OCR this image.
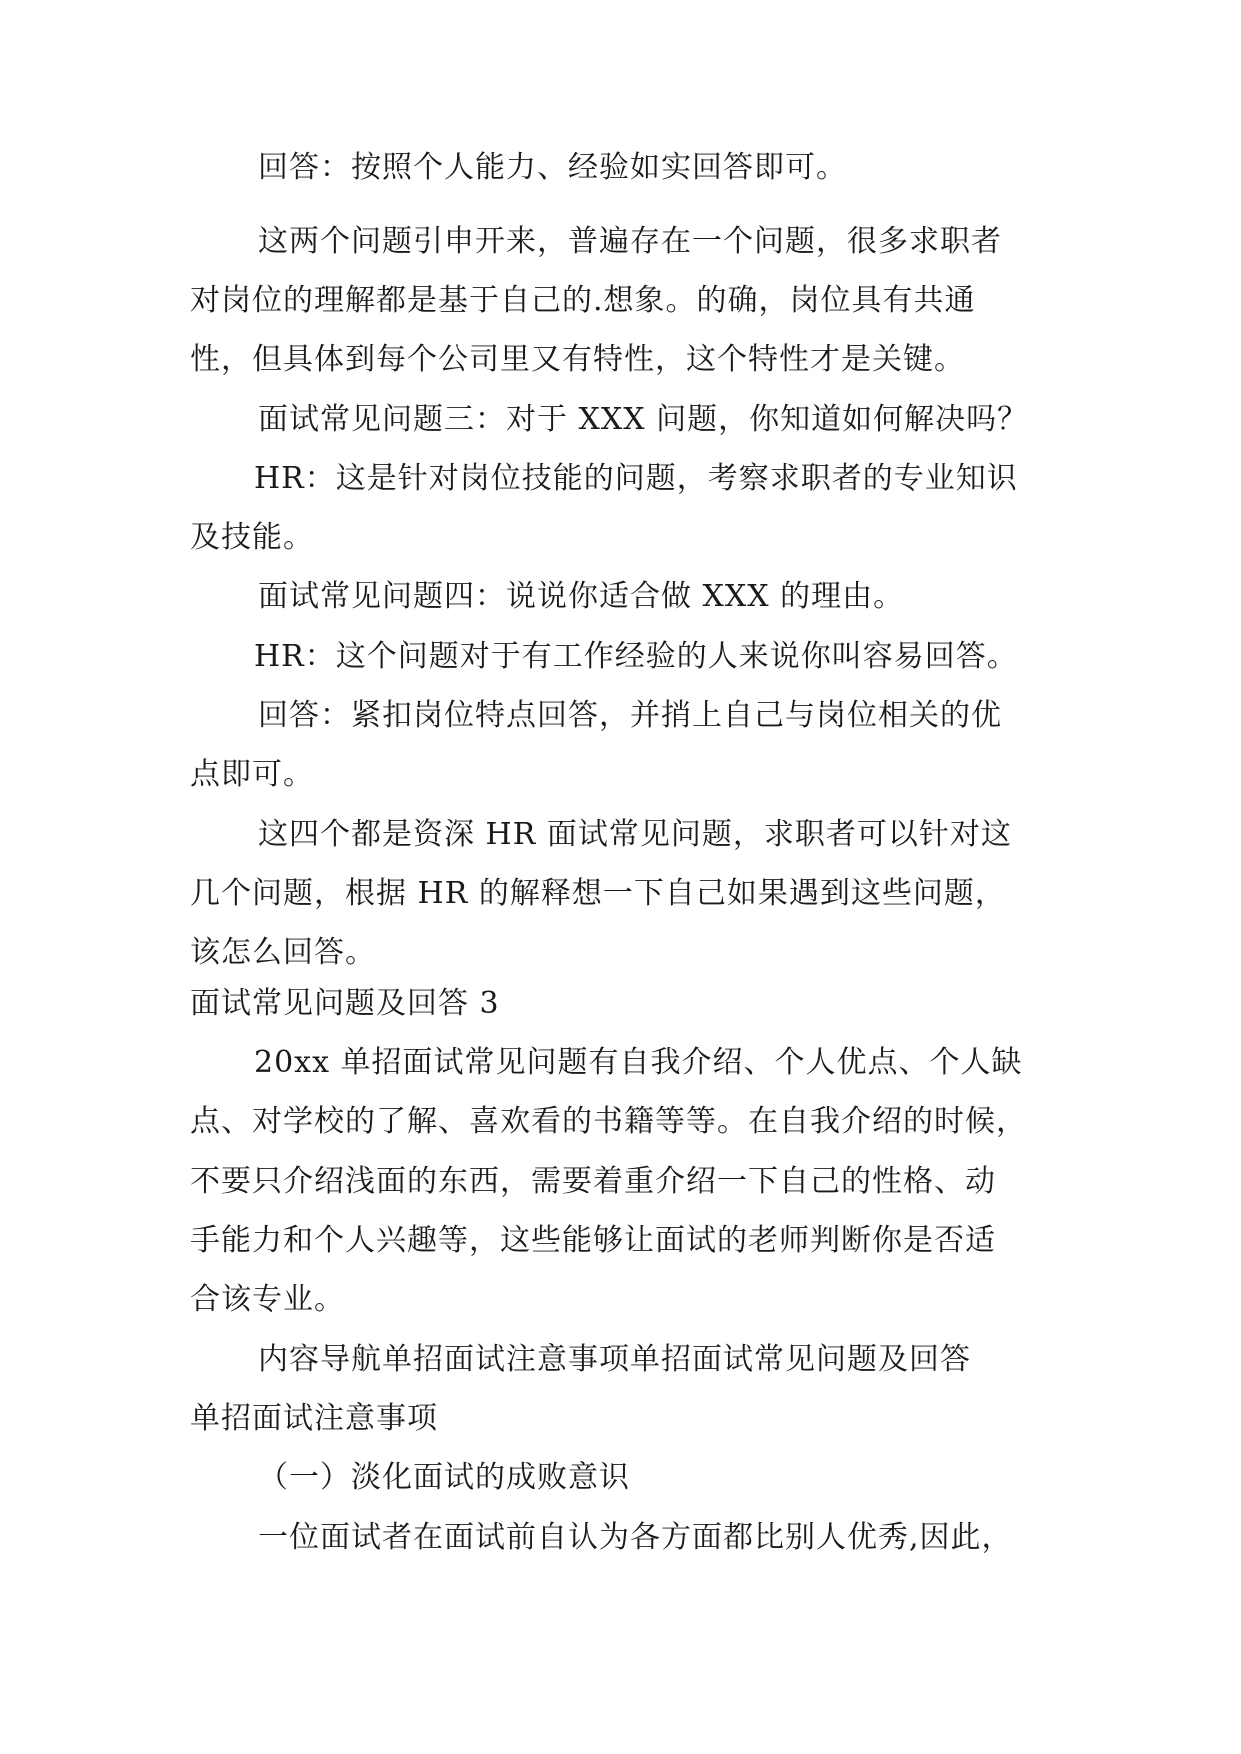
回答：按照个人能力、经验如实回答即可。
这两个问题引申开来，普遍存在一个问题，很多求职者
对岗位的理解都是基于自己的.想象。的确，岗位具有共通
性，但具体到每个公司里又有特性，这个特性才是关键。
面试常见问题三：对于 XXX 问题，你知道如何解决吗？
HR：这是针对岗位技能的问题，考察求职者的专业知识
及技能。
面试常见问题四：说说你适合做 XXX 的理由。
HR：这个问题对于有工作经验的人来说你叫容易回答。
回答：紧扣岗位特点回答，并捎上自己与岗位相关的优
点即可。
这四个都是资深 HR 面试常见问题，求职者可以针对这
几个问题，根据 HR 的解释想一下自己如果遇到这些问题，
该怎么回答。
面试常见问题及回答 3
20xx 单招面试常见问题有自我介绍、个人优点、个人缺
点、对学校的了解、喜欢看的书籍等等。在自我介绍的时候，
不要只介绍浅面的东西，需要着重介绍一下自己的性格、动
手能力和个人兴趣等，这些能够让面试的老师判断你是否适
合该专业。
内容导航单招面试注意事项单招面试常见问题及回答
单招面试注意事项
（一）淡化面试的成败意识
一位面试者在面试前自认为各方面都比别人优秀,因此，
